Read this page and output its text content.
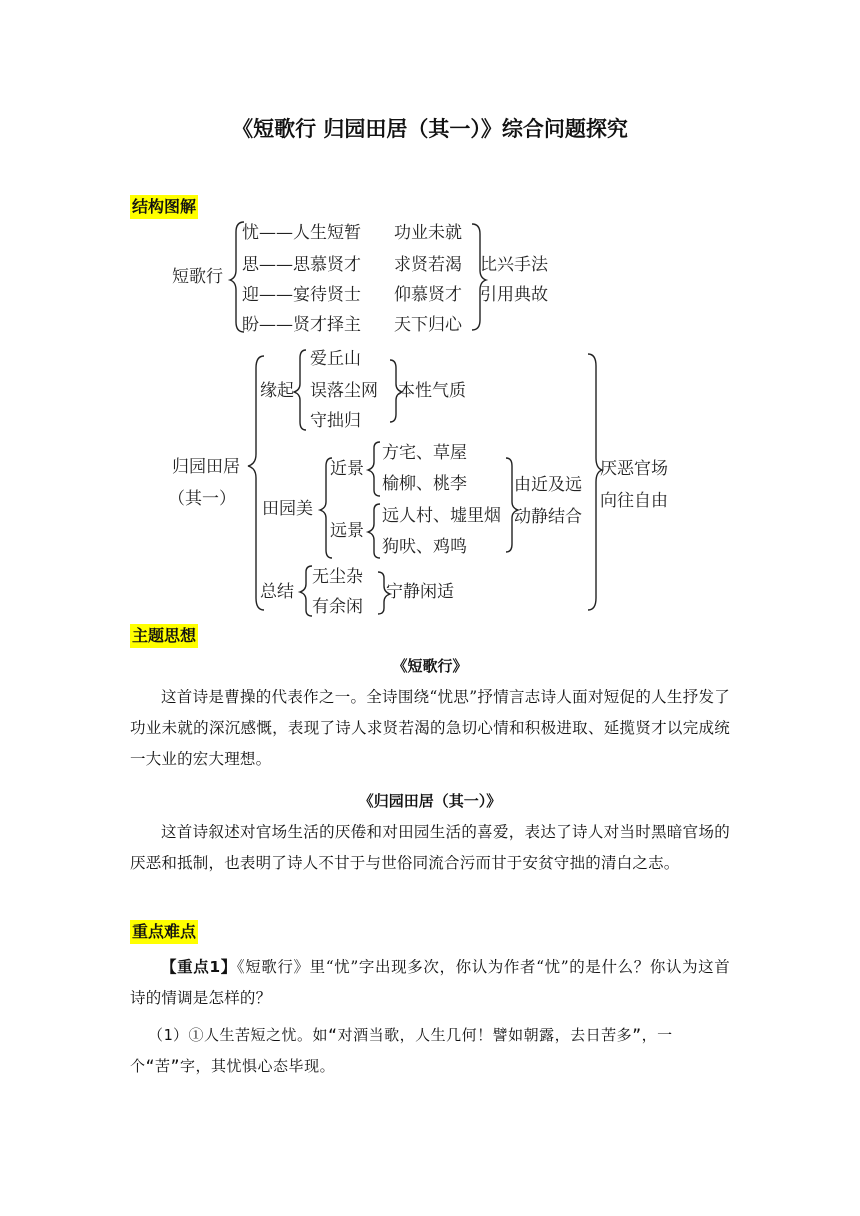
《短歌行 归园田居（其一）》综合问题探究
结构图解
短歌行
忧——人生短暂 功业未就
思——思慕贤才 求贤若渴
迎——宴待贤士 仰慕贤才
盼——贤才择主 天下归心
比兴手法
引用典故
归园田居
（其一）
缘起
爱丘山
误落尘网
守拙归
本性气质
田园美
近景
方宅、草屋
榆柳、桃李
远景
远人村、墟里烟
狗吠、鸡鸣
由近及远
动静结合
总结
无尘杂
有余闲
宁静闲适
厌恶官场
向往自由
主题思想
《短歌行》
这首诗是曹操的代表作之一。全诗围绕“忧思”抒情言志诗人面对短促的人生抒发了功业未就的深沉感慨，表现了诗人求贤若渴的急切心情和积极进取、延揽贤才以完成统一大业的宏大理想。
《归园田居（其一）》
这首诗叙述对官场生活的厌倦和对田园生活的喜爱，表达了诗人对当时黑暗官场的厌恶和抵制，也表明了诗人不甘于与世俗同流合污而甘于安贫守拙的清白之志。
重点难点
【重点1】《短歌行》里“忧”字出现多次，你认为作者“忧”的是什么？你认为这首诗的情调是怎样的？
（1）①人生苦短之忧。如“对酒当歌，人生几何！譬如朝露，去日苦多”，一个“苦”字，其忧惧心态毕现。
